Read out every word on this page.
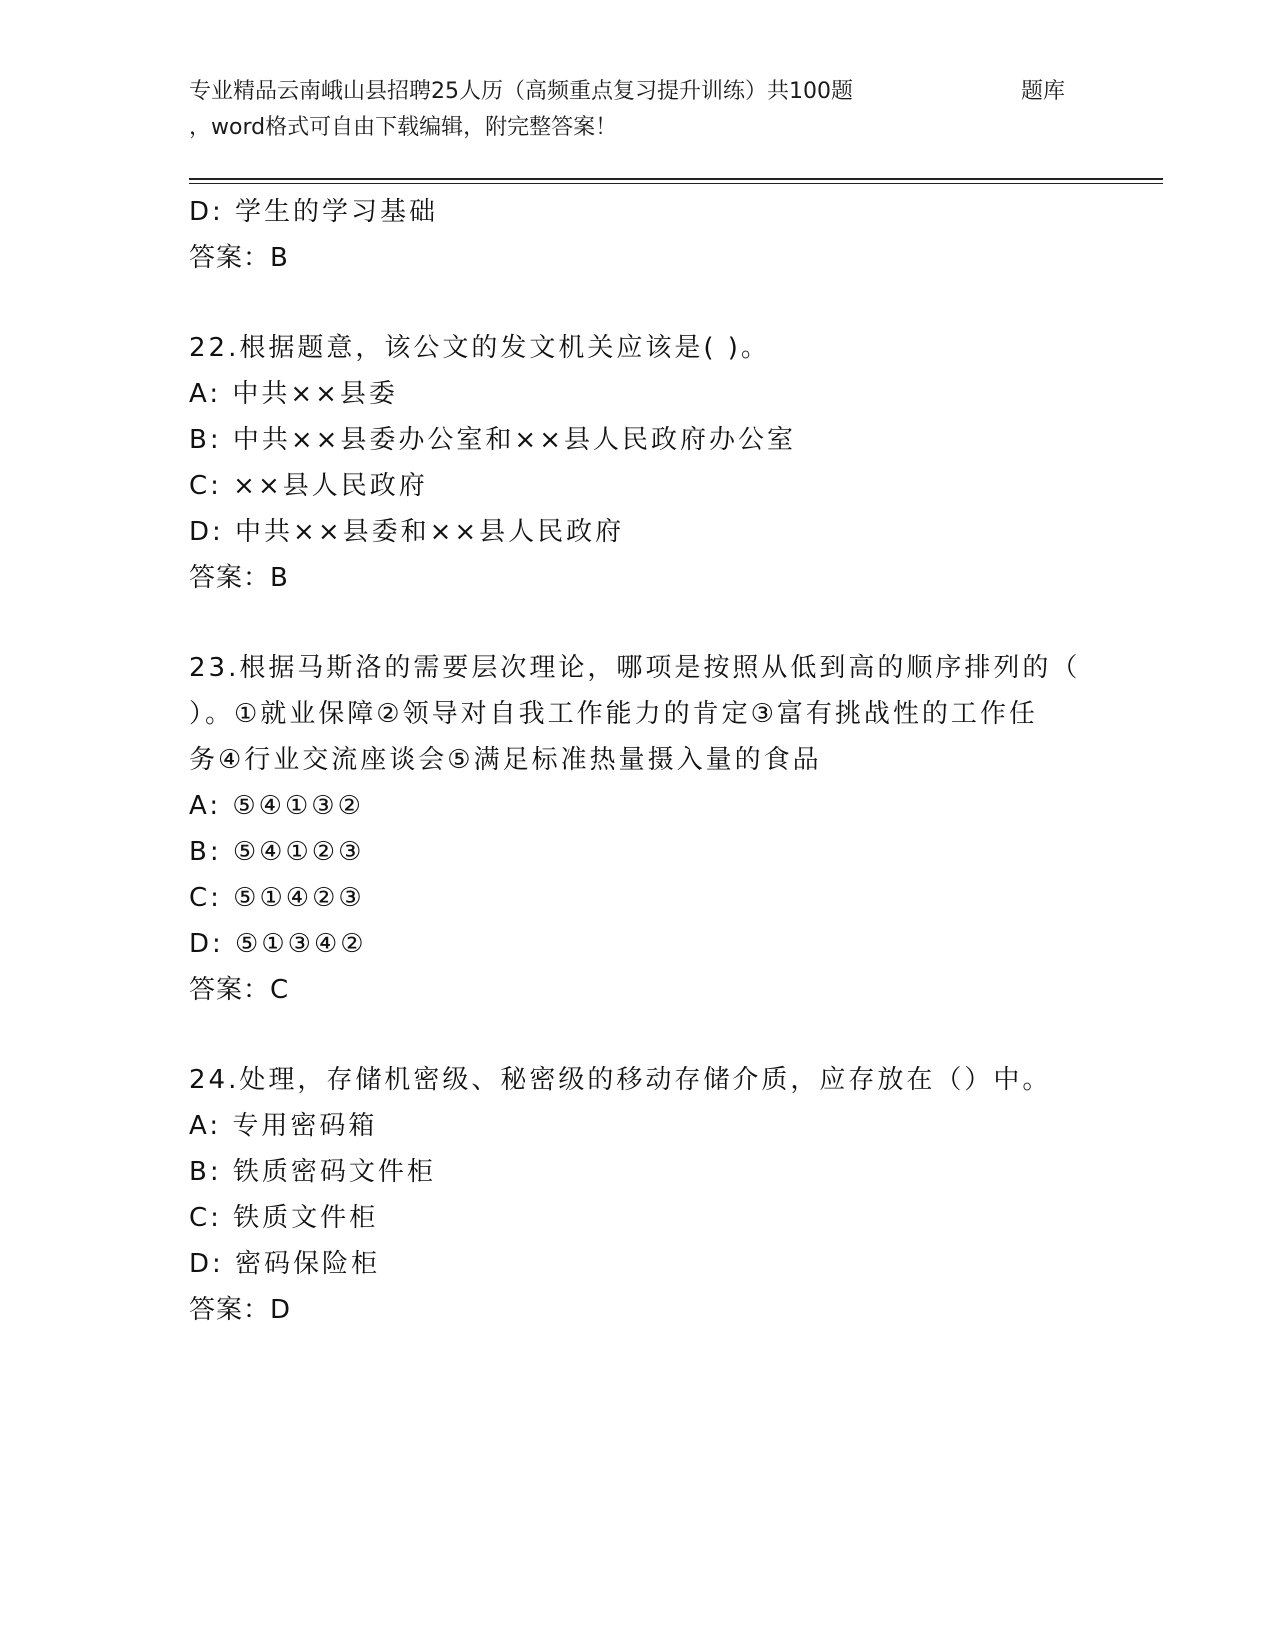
专业精品云南峨山县招聘25人历（高频重点复习提升训练）共100题	题库
，word格式可自由下载编辑，附完整答案！
D: 学生的学习基础
答案：B
22.根据题意，该公文的发文机关应该是( )。
A: 中共××县委
B: 中共××县委办公室和××县人民政府办公室
C: ××县人民政府
D: 中共××县委和××县人民政府
答案：B
23.根据马斯洛的需要层次理论，哪项是按照从低到高的顺序排列的（
）。①就业保障②领导对自我工作能力的肯定③富有挑战性的工作任
务④行业交流座谈会⑤满足标准热量摄入量的食品
A: ⑤④①③②
B: ⑤④①②③
C: ⑤①④②③
D: ⑤①③④②
答案：C
24.处理，存储机密级、秘密级的移动存储介质，应存放在（）中。
A: 专用密码箱
B: 铁质密码文件柜
C: 铁质文件柜
D: 密码保险柜
答案：D
